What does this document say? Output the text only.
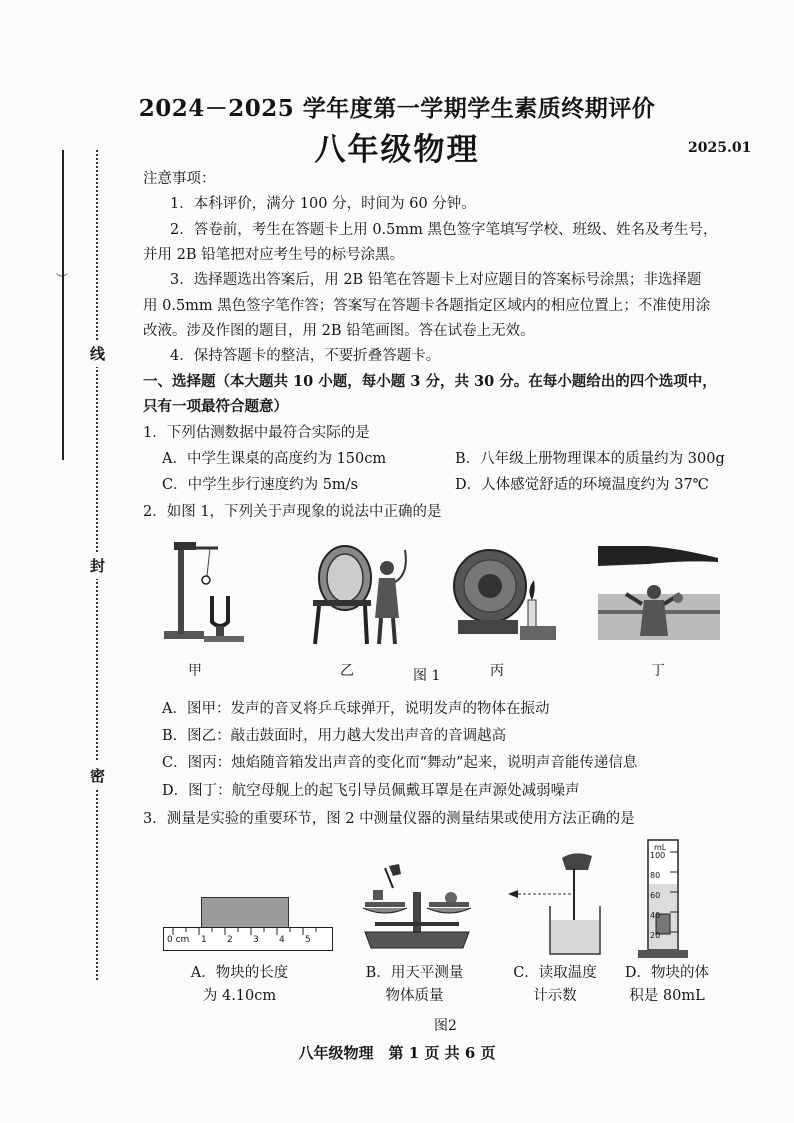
︶
线
封
密
2024－2025 学年度第一学期学生素质终期评价
八年级物理	2025.01
注意事项：
1．本科评价，满分 100 分，时间为 60 分钟。
2．答卷前，考生在答题卡上用 0.5mm 黑色签字笔填写学校、班级、姓名及考生号，
并用 2B 铅笔把对应考生号的标号涂黑。
3．选择题选出答案后，用 2B 铅笔在答题卡上对应题目的答案标号涂黑；非选择题
用 0.5mm 黑色签字笔作答；答案写在答题卡各题指定区域内的相应位置上；不准使用涂
改液。涉及作图的题目，用 2B 铅笔画图。答在试卷上无效。
4．保持答题卡的整洁，不要折叠答题卡。
一、选择题（本大题共 10 小题，每小题 3 分，共 30 分。在每小题给出的四个选项中，
只有一项最符合题意）
1．下列估测数据中最符合实际的是
A．中学生课桌的高度约为 150cm	B．八年级上册物理课本的质量约为 300g
C．中学生步行速度约为 5m/s	D．人体感觉舒适的环境温度约为 37℃
2．如图 1，下列关于声现象的说法中正确的是
甲	乙	图 1	丙	丁
A．图甲：发声的音叉将乒乓球弹开，说明发声的物体在振动
B．图乙：敲击鼓面时，用力越大发出声音的音调越高
C．图丙：烛焰随音箱发出声音的变化而“舞动”起来，说明声音能传递信息
D．图丁：航空母舰上的起飞引导员佩戴耳罩是在声源处减弱噪声
3．测量是实验的重要环节，图 2 中测量仪器的测量结果或使用方法正确的是
0 cm 1 2 3 4 5
mL
100
80
60
40
20
A．物块的长度
为 4.10cm
B．用天平测量
物体质量
C．读取温度
计示数
D．物块的体
积是 80mL
图2
八年级物理　第 1 页 共 6 页
